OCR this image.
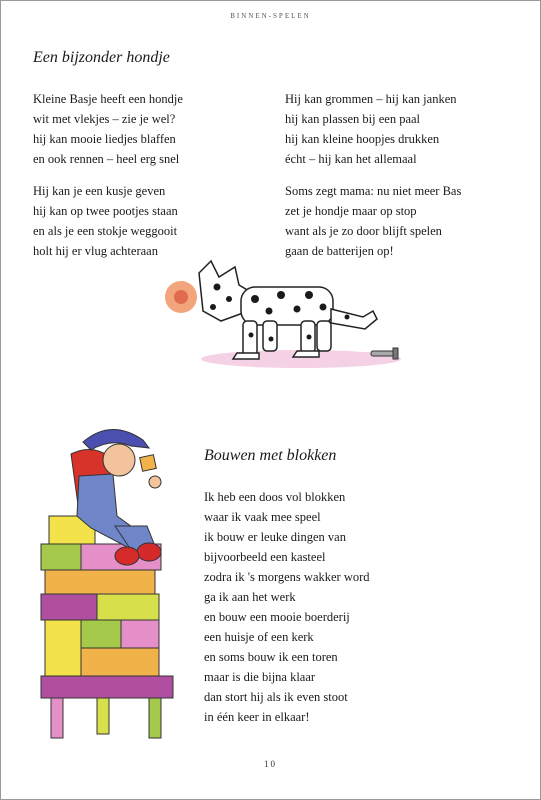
BINNEN-SPELEN
Een bijzonder hondje
Kleine Basje heeft een hondje
wit met vlekjes – zie je wel?
hij kan mooie liedjes blaffen
en ook rennen – heel erg snel
Hij kan je een kusje geven
hij kan op twee pootjes staan
en als je een stokje weggooit
holt hij er vlug achteraan
Hij kan grommen – hij kan janken
hij kan plassen bij een paal
hij kan kleine hoopjes drukken
écht – hij kan het allemaal
Soms zegt mama: nu niet meer Bas
zet je hondje maar op stop
want als je zo door blijft spelen
gaan de batterijen op!
Bouwen met blokken
Ik heb een doos vol blokken
waar ik vaak mee speel
ik bouw er leuke dingen van
bijvoorbeeld een kasteel
zodra ik 's morgens wakker word
ga ik aan het werk
en bouw een mooie boerderij
een huisje of een kerk
en soms bouw ik een toren
maar is die bijna klaar
dan stort hij als ik even stoot
in één keer in elkaar!
10
